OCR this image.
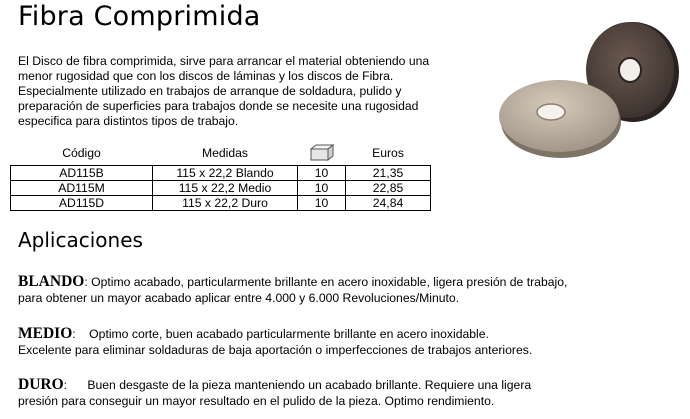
Fibra Comprimida
El Disco de fibra comprimida, sirve para arrancar el material obteniendo una menor rugosidad que con los discos de láminas y los discos de Fibra. Especialmente utilizado en trabajos de arranque de soldadura, pulido y preparación de superficies para trabajos donde se necesite una rugosidad especifica para distintos tipos de trabajo.
Código	Medidas		Euros
AD115B	115 x 22,2 Blando	10	21,35
AD115M	115 x 22,2 Medio	10	22,85
AD115D	115 x 22,2 Duro	10	24,84
Aplicaciones
BLANDO: Optimo acabado, particularmente brillante en acero inoxidable, ligera presión de trabajo,
para obtener un mayor acabado aplicar entre 4.000 y 6.000 Revoluciones/Minuto.
MEDIO:    Optimo corte, buen acabado particularmente brillante en acero inoxidable.
Excelente para eliminar soldaduras de baja aportación o imperfecciones de trabajos anteriores.
DURO:      Buen desgaste de la pieza manteniendo un acabado brillante. Requiere una ligera
presión para conseguir un mayor resultado en el pulido de la pieza. Optimo rendimiento.
